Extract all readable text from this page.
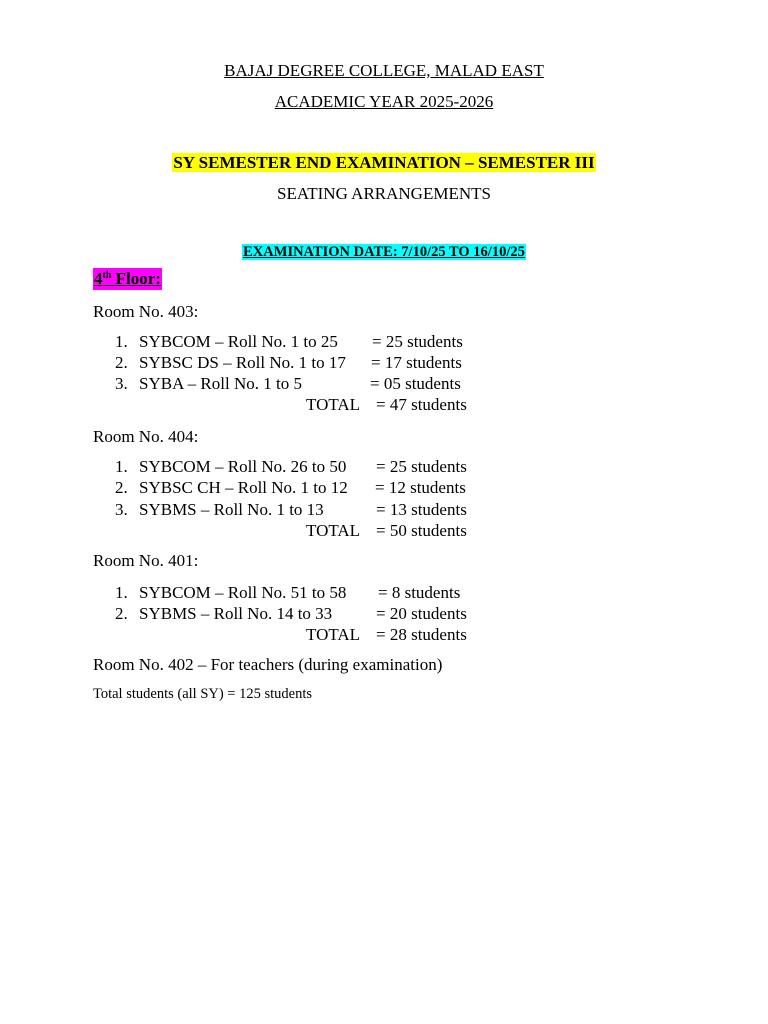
BAJAJ DEGREE COLLEGE, MALAD EAST
ACADEMIC YEAR 2025-2026
SY SEMESTER END EXAMINATION – SEMESTER III
SEATING ARRANGEMENTS
EXAMINATION DATE: 7/10/25 TO 16/10/25
4th Floor:
Room No. 403:
1. SYBCOM – Roll No. 1 to 25 = 25 students
2. SYBSC DS – Roll No. 1 to 17 = 17 students
3. SYBA – Roll No. 1 to 5	= 05 students
TOTAL = 47 students
Room No. 404:
1. SYBCOM – Roll No. 26 to 50 = 25 students
2. SYBSC CH – Roll No. 1 to 12 = 12 students
3. SYBMS – Roll No. 1 to 13	= 13 students
TOTAL = 50 students
Room No. 401:
1. SYBCOM – Roll No. 51 to 58 = 8 students
2. SYBMS – Roll No. 14 to 33	= 20 students
TOTAL = 28 students
Room No. 402 – For teachers (during examination)
Total students (all SY) = 125 students
